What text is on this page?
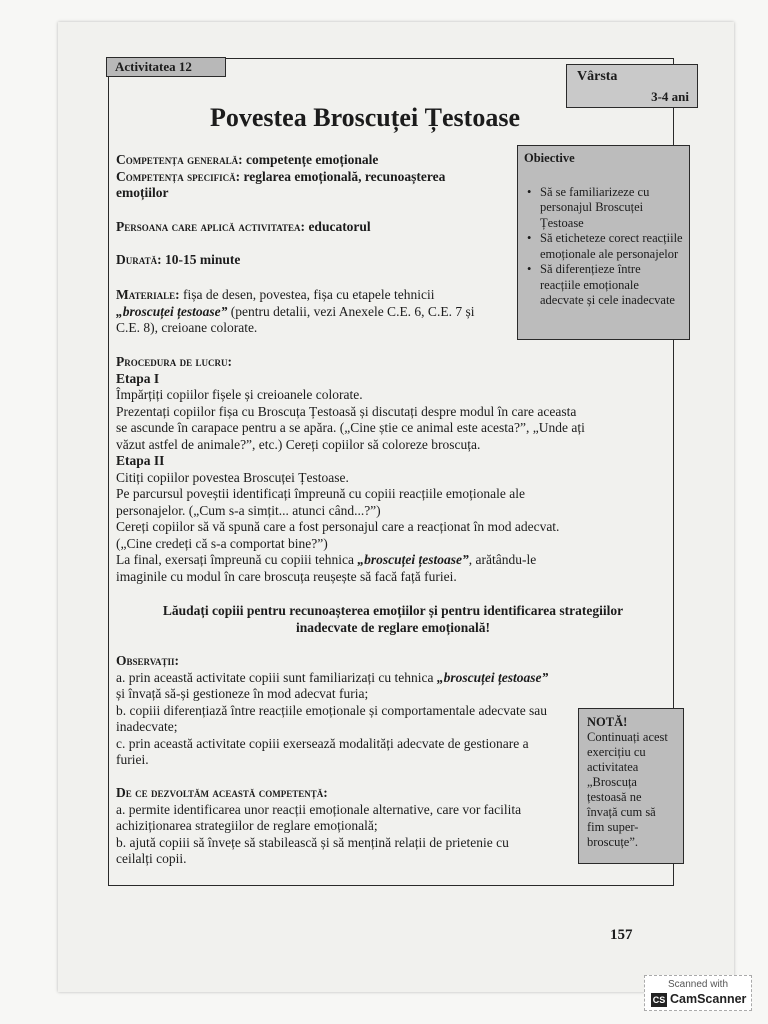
Activitatea 12
Vârsta
3-4 ani
Povestea Broscuței Țestoase
Obiective
• Să se familiarizeze cu personajul Broscuței Țestoase
• Să eticheteze corect reacțiile emoționale ale personajelor
• Să diferențieze între reacțiile emoționale adecvate și cele inadecvate
Competența generală: competențe emoționale
Competența specifică: reglarea emoțională, recunoașterea
emoțiilor
Persoana care aplică activitatea: educatorul
Durată: 10-15 minute
Materiale: fișa de desen, povestea, fișa cu etapele tehnicii
„broscuței țestoase” (pentru detalii, vezi Anexele C.E. 6, C.E. 7 și
C.E. 8), creioane colorate.
Procedura de lucru:
Etapa I
Împărțiți copiilor fișele și creioanele colorate.
Prezentați copiilor fișa cu Broscuța Țestoasă și discutați despre modul în care aceasta
se ascunde în carapace pentru a se apăra. („Cine știe ce animal este acesta?”, „Unde ați
văzut astfel de animale?”, etc.) Cereți copiilor să coloreze broscuța.
Etapa II
Citiți copiilor povestea Broscuței Țestoase.
Pe parcursul poveștii identificați împreună cu copiii reacțiile emoționale ale
personajelor. („Cum s-a simțit... atunci când...?”)
Cereți copiilor să vă spună care a fost personajul care a reacționat în mod adecvat.
(„Cine credeți că s-a comportat bine?”)
La final, exersați împreună cu copiii tehnica „broscuței țestoase”, arătându-le
imaginile cu modul în care broscuța reușește să facă față furiei.
Lăudați copiii pentru recunoașterea emoțiilor și pentru identificarea strategiilor
inadecvate de reglare emoțională!
Observații:
a. prin această activitate copiii sunt familiarizați cu tehnica „broscuței țestoase”
și învață să-și gestioneze în mod adecvat furia;
b. copiii diferențiază între reacțiile emoționale și comportamentale adecvate sau
inadecvate;
c. prin această activitate copiii exersează modalități adecvate de gestionare a
furiei.
De ce dezvoltăm această competență:
a. permite identificarea unor reacții emoționale alternative, care vor facilita
achiziționarea strategiilor de reglare emoțională;
b. ajută copiii să învețe să stabilească și să mențină relații de prietenie cu
ceilalți copii.
NOTĂ!
Continuați acest
exercițiu cu
activitatea
„Broscuța
țestoasă ne
învață cum să
fim super-
broscuțe”.
157
Scanned with
CS CamScanner
